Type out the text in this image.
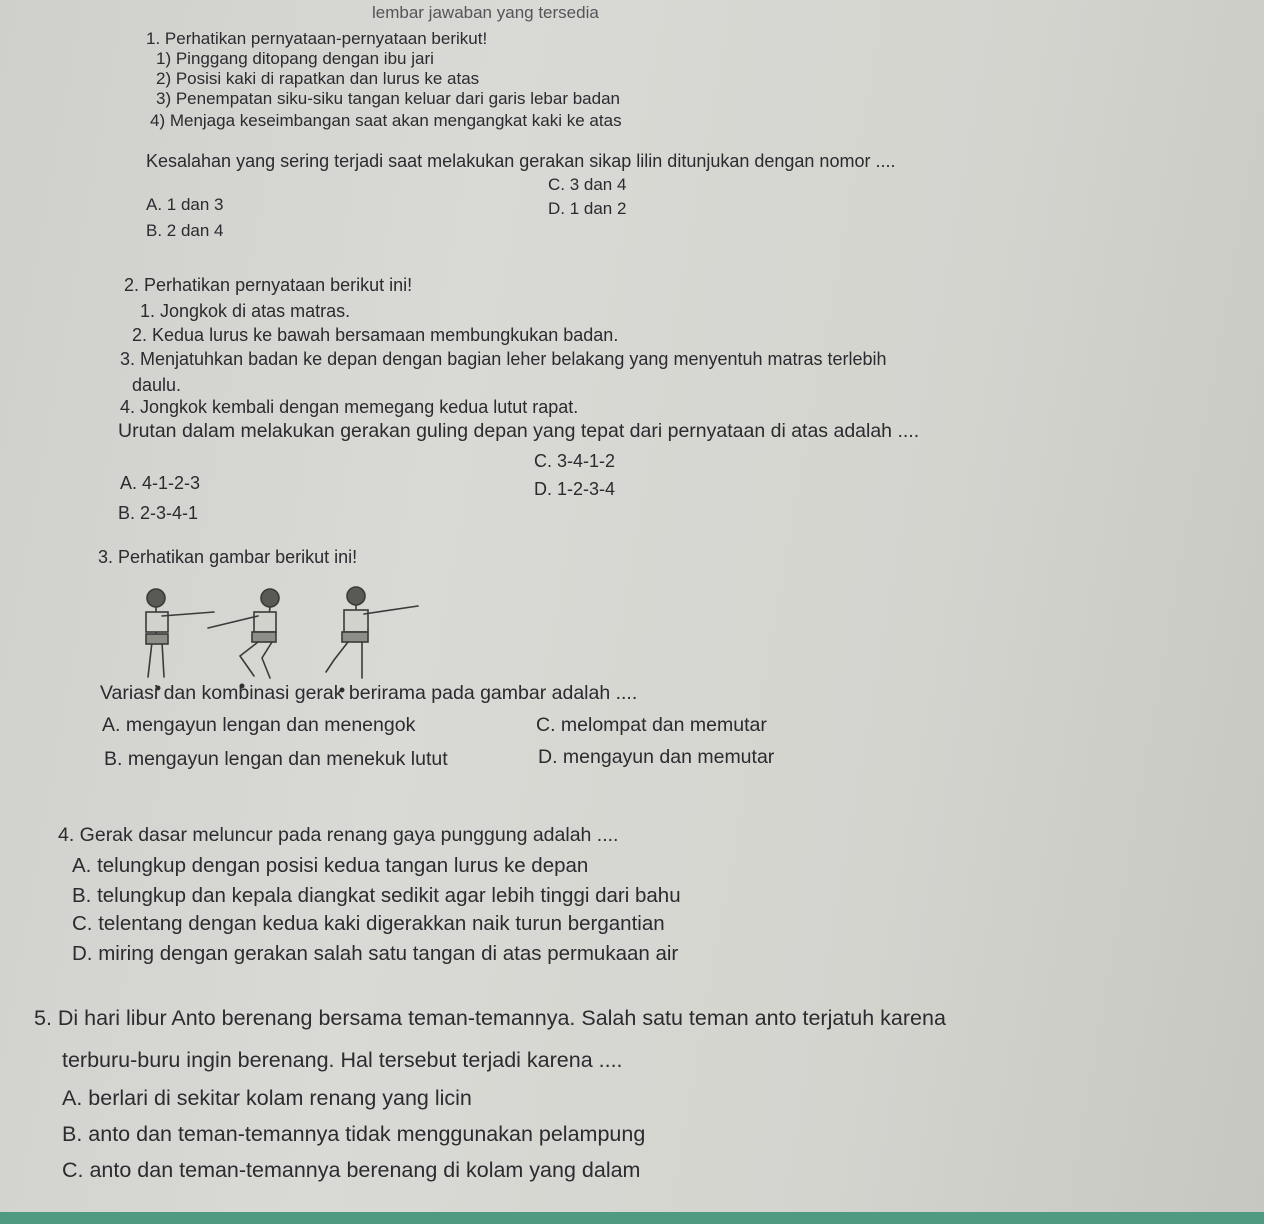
lembar jawaban yang tersedia
1. Perhatikan pernyataan-pernyataan berikut!
1) Pinggang ditopang dengan ibu jari
2) Posisi kaki di rapatkan dan lurus ke atas
3) Penempatan siku-siku tangan keluar dari garis lebar badan
4) Menjaga keseimbangan saat akan mengangkat kaki ke atas
Kesalahan yang sering terjadi saat melakukan gerakan sikap lilin ditunjukan dengan nomor ....
C. 3 dan 4
A. 1 dan 3	D. 1 dan 2
B. 2 dan 4
2. Perhatikan pernyataan berikut ini!
1. Jongkok di atas matras.
2. Kedua lurus ke bawah bersamaan membungkukan badan.
3. Menjatuhkan badan ke depan dengan bagian leher belakang yang menyentuh matras terlebih
daulu.
4. Jongkok kembali dengan memegang kedua lutut rapat.
Urutan dalam melakukan gerakan guling depan yang tepat dari pernyataan di atas adalah ....
C. 3-4-1-2
A. 4-1-2-3	D. 1-2-3-4
B. 2-3-4-1
3. Perhatikan gambar berikut ini!
Variasi dan kombinasi gerak berirama pada gambar adalah ....
A. mengayun lengan dan menengok	C. melompat dan memutar
B. mengayun lengan dan menekuk lutut	D. mengayun dan memutar
4. Gerak dasar meluncur pada renang gaya punggung adalah ....
A. telungkup dengan posisi kedua tangan lurus ke depan
B. telungkup dan kepala diangkat sedikit agar lebih tinggi dari bahu
C. telentang dengan kedua kaki digerakkan naik turun bergantian
D. miring dengan gerakan salah satu tangan di atas permukaan air
5. Di hari libur Anto berenang bersama teman-temannya. Salah satu teman anto terjatuh karena
terburu-buru ingin berenang. Hal tersebut terjadi karena ....
A. berlari di sekitar kolam renang yang licin
B. anto dan teman-temannya tidak menggunakan pelampung
C. anto dan teman-temannya berenang di kolam yang dalam
